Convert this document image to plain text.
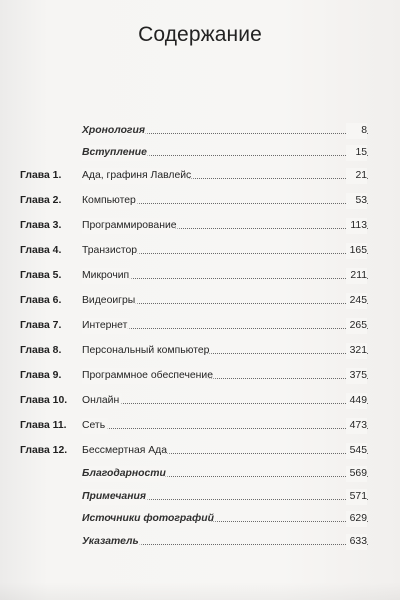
Содержание
Хронология	8
Вступление	15
Глава 1.	Ада, графиня Лавлейс	21
Глава 2.	Компьютер	53
Глава 3.	Программирование	113
Глава 4.	Транзистор	165
Глава 5.	Микрочип	211
Глава 6.	Видеоигры	245
Глава 7.	Интернет	265
Глава 8.	Персональный компьютер	321
Глава 9.	Программное обеспечение	375
Глава 10.	Онлайн	449
Глава 11.	Сеть	473
Глава 12.	Бессмертная Ада	545
Благодарности	569
Примечания	571
Источники фотографий	629
Указатель	633
